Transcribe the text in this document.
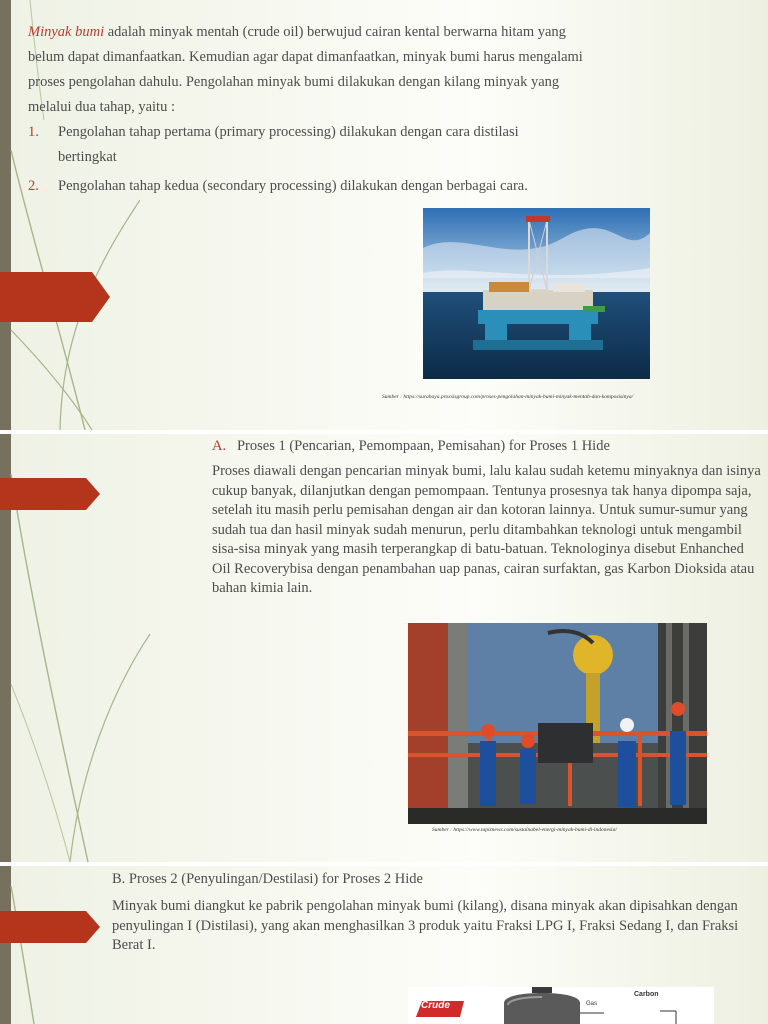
Minyak bumi adalah minyak mentah (crude oil) berwujud cairan kental berwarna hitam yang belum dapat dimanfaatkan. Kemudian agar dapat dimanfaatkan, minyak bumi harus mengalami proses pengolahan dahulu. Pengolahan minyak bumi dilakukan dengan kilang minyak yang melalui dua tahap, yaitu :
1. Pengolahan tahap pertama (primary processing) dilakukan dengan cara distilasi bertingkat
2. Pengolahan tahap kedua (secondary processing) dilakukan dengan berbagai cara.
Sumber : https://surabaya.proxsisgroup.com/proses-pengolahan-minyak-bumi-minyak-mentah-dan-komposisinya/
A. Proses 1 (Pencarian, Pemompaan, Pemisahan) for Proses 1 Hide
Proses diawali dengan pencarian minyak bumi, lalu kalau sudah ketemu minyaknya dan isinya cukup banyak, dilanjutkan dengan pemompaan. Tentunya prosesnya tak hanya dipompa saja, setelah itu masih perlu pemisahan dengan air dan kotoran lainnya. Untuk sumur-sumur yang sudah tua dan hasil minyak sudah menurun, perlu ditambahkan teknologi untuk mengambil sisa-sisa minyak yang masih terperangkap di batu-batuan. Teknologinya disebut Enhanched Oil Recoverybisa dengan penambahan uap panas, cairan surfaktan, gas Karbon Dioksida atau bahan kimia lain.
Sumber : https://www.tapiznews.com/sustainabel-energi-minyak-bumi-di-indonesia/
B. Proses 2 (Penyulingan/Destilasi) for Proses 2 Hide
Minyak bumi diangkut ke pabrik pengolahan minyak bumi (kilang), disana minyak akan dipisahkan dengan penyulingan I (Distilasi), yang akan menghasilkan 3 produk yaitu Fraksi LPG I, Fraksi Sedang I, dan Fraksi Berat I.
Crude	Gas
Carbon
